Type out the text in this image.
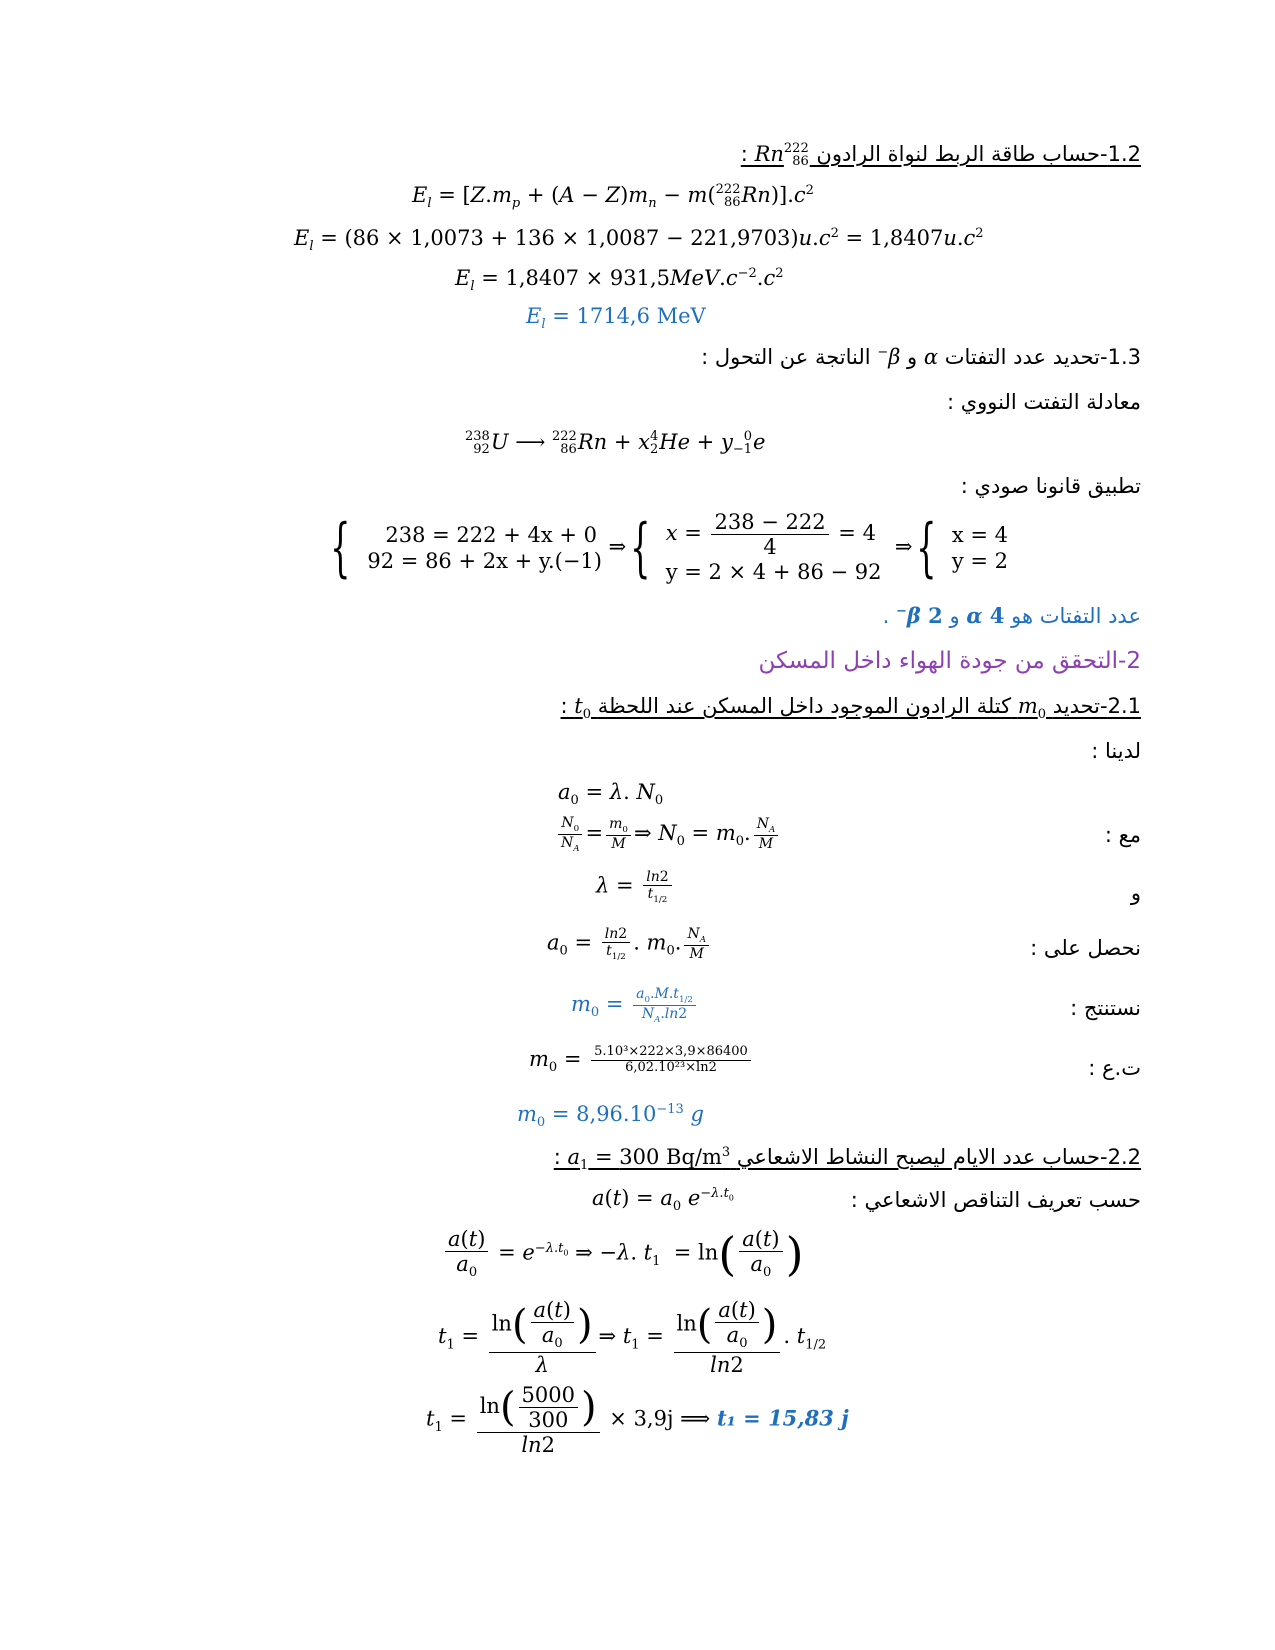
1.2-حساب طاقة الربط لنواة الرادون
222
86
Rn :
$E_l = [Z.m_p + (A - Z)m_n - m$( 222
86 $Rn)].c^2$
$E_l = (86 \times 1,0073 + 136 \times 1,0087 - 221,9703)u.c^2 = 1,8407u.c^2$
$E_l = 1,8407 \times 931,5MeV.c^{-2}.c^2$
$E_l = 1714,6$ MeV
1.3-تحديد عدد التفتات α و β− الناتجة عن التحول :
معادلة التفتت النووي :
238
92 U ⟶ 222
86 Rn + x 4
2 He + y 0
−1 e
تطبيق قانونا صودي :
{	238 = 222 + 4x + 0
92 = 86 + 2x + y.(−1)
⇒{ $x = \frac{238 - 222}{4} = 4$
y = 2 × 4 + 86 − 92
⇒{ x = 4
y = 2
عدد التفتات هو 4 α و 2 β− .
2-التحقق من جودة الهواء داخل المسكن
2.1-تحديد $m_0$ كتلة الرادون الموجود داخل المسكن عند اللحظة $t_0$ :
لدينا :
$a_0 = \lambda$. $N_0$
مع :
$\frac{N_0}{N_A} = \frac{m_0}{M}$ ⇒ $N_0 = m_0$. $\frac{N_A}{M}$
و
$\lambda = \frac{\ln 2}{t_{1/2}}$
نحصل على :
$a_0 = \frac{\ln 2}{t_{1/2}}$ . $m_0$. $\frac{N_A}{M}$
نستنتج :
$m_0 = \frac{a_0.M.t_{1/2}}{N_A.\ln 2}$
ت.ع :
$m_0 = \frac{\text{5.10³×222×3,9×86400}}{\text{6,02.10²³×ln2}}$
$m_0 = 8,96.10^{-13}$ g
2.2-حساب عدد الايام ليصبح النشاط الاشعاعي $a_1 = 300$ $Bq/m^3$ :
حسب تعريف التناقص الاشعاعي :
$a(t) = a_0$ $e^{-\lambda.t_0}$
$\frac{a(t)}{a_0} = e^{-\lambda.t_0}$ ⇒ −λ. $t_1 = \ln( \frac{a(t)}{a_0}$ )
$t_1 = \frac{\ln( \frac{a(t)}{a_0} )}{\lambda}$ ⇒ $t_1 = \frac{\ln( \frac{a(t)}{a_0} )}{\ln 2}$ . $t_{1/2}$
$t_1 = \frac{\ln( \frac{5000}{300} )}{\ln 2} \times 3,9j$ ⟹ t₁ = 15,83 j
